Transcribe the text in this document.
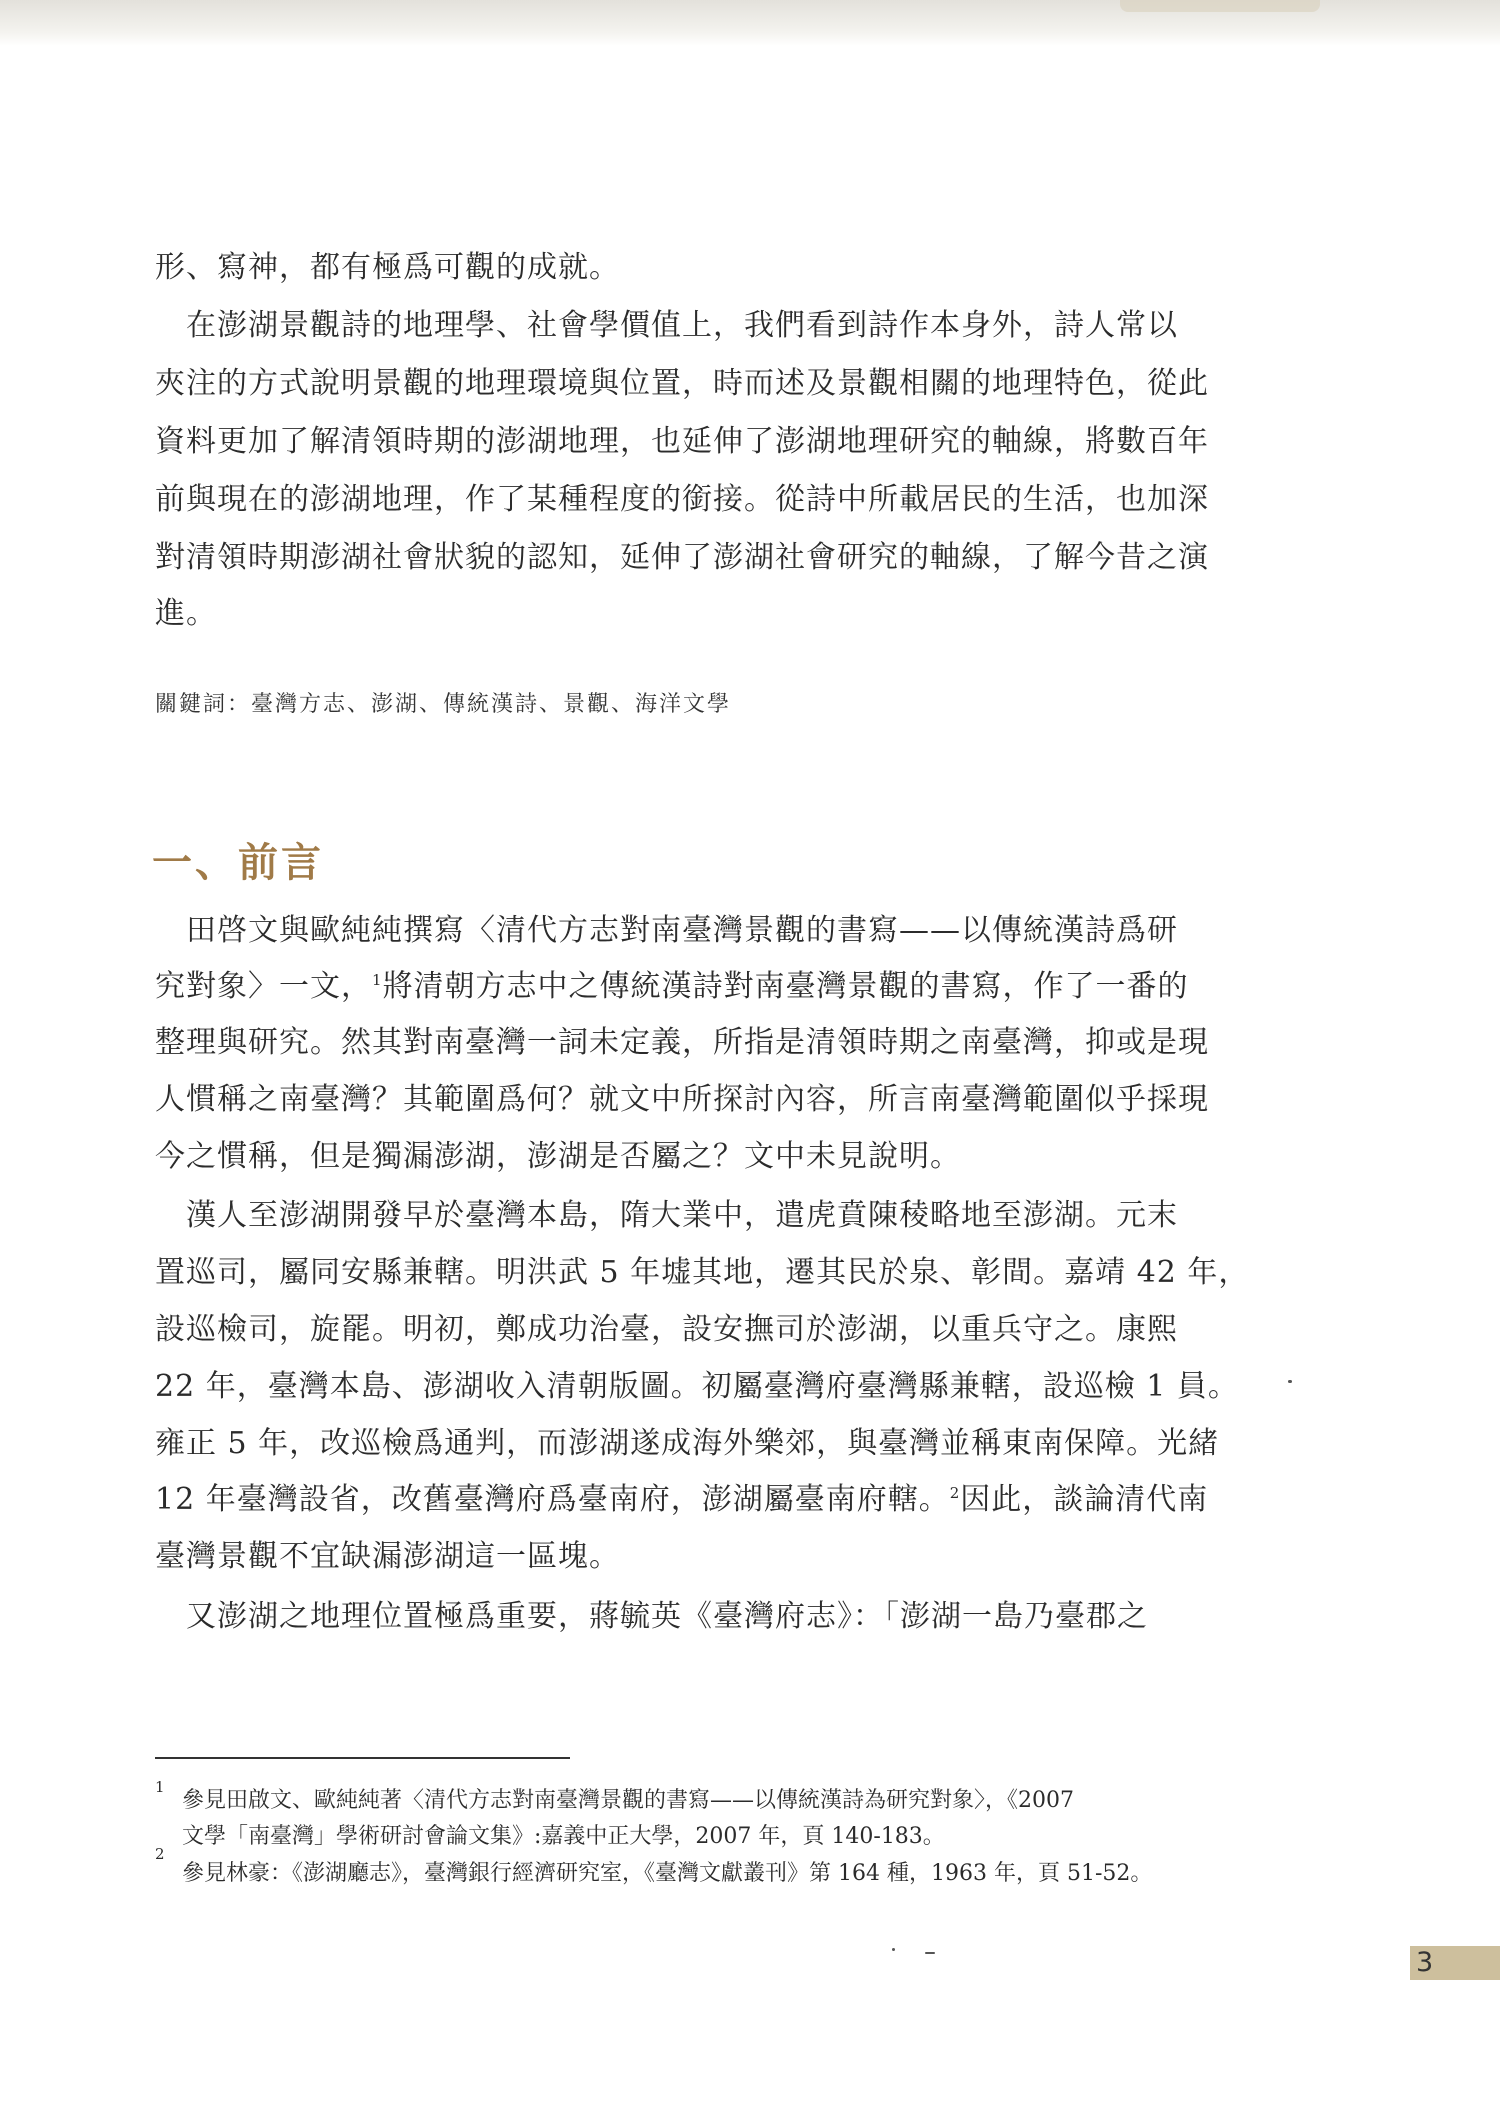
形、寫神，都有極爲可觀的成就。

　在澎湖景觀詩的地理學、社會學價值上，我們看到詩作本身外，詩人常以

夾注的方式說明景觀的地理環境與位置，時而述及景觀相關的地理特色，從此

資料更加了解清領時期的澎湖地理，也延伸了澎湖地理研究的軸線，將數百年

前與現在的澎湖地理，作了某種程度的銜接。從詩中所載居民的生活，也加深

對清領時期澎湖社會狀貌的認知，延伸了澎湖社會研究的軸線，了解今昔之演

進。

關鍵詞：臺灣方志、澎湖、傳統漢詩、景觀、海洋文學

一、前言

　田啓文與歐純純撰寫〈清代方志對南臺灣景觀的書寫——以傳統漢詩爲研

究對象〉一文，$^1$將清朝方志中之傳統漢詩對南臺灣景觀的書寫，作了一番的

整理與研究。然其對南臺灣一詞未定義，所指是清領時期之南臺灣，抑或是現

人慣稱之南臺灣？其範圍爲何？就文中所探討內容，所言南臺灣範圍似乎採現

今之慣稱，但是獨漏澎湖，澎湖是否屬之？文中未見說明。

　漢人至澎湖開發早於臺灣本島，隋大業中，遣虎賁陳稜略地至澎湖。元末

置巡司，屬同安縣兼轄。明洪武 5 年墟其地，遷其民於泉、彰間。嘉靖 42 年，

設巡檢司，旋罷。明初，鄭成功治臺，設安撫司於澎湖，以重兵守之。康熙

22 年，臺灣本島、澎湖收入清朝版圖。初屬臺灣府臺灣縣兼轄，設巡檢 1 員。

雍正 5 年，改巡檢爲通判，而澎湖遂成海外樂郊，與臺灣並稱東南保障。光緒

12 年臺灣設省，改舊臺灣府爲臺南府，澎湖屬臺南府轄。$^2$因此，談論清代南

臺灣景觀不宜缺漏澎湖這一區塊。

　又澎湖之地理位置極爲重要，蔣毓英《臺灣府志》：「澎湖一島乃臺郡之

1

參見田啟文、歐純純著〈清代方志對南臺灣景觀的書寫——以傳統漢詩為研究對象〉，《2007

文學「南臺灣」學術研討會論文集》:嘉義中正大學，2007 年，頁 140-183。

2

參見林豪：《澎湖廳志》，臺灣銀行經濟研究室，《臺灣文獻叢刊》第 164 種，1963 年，頁 51-52。

3
